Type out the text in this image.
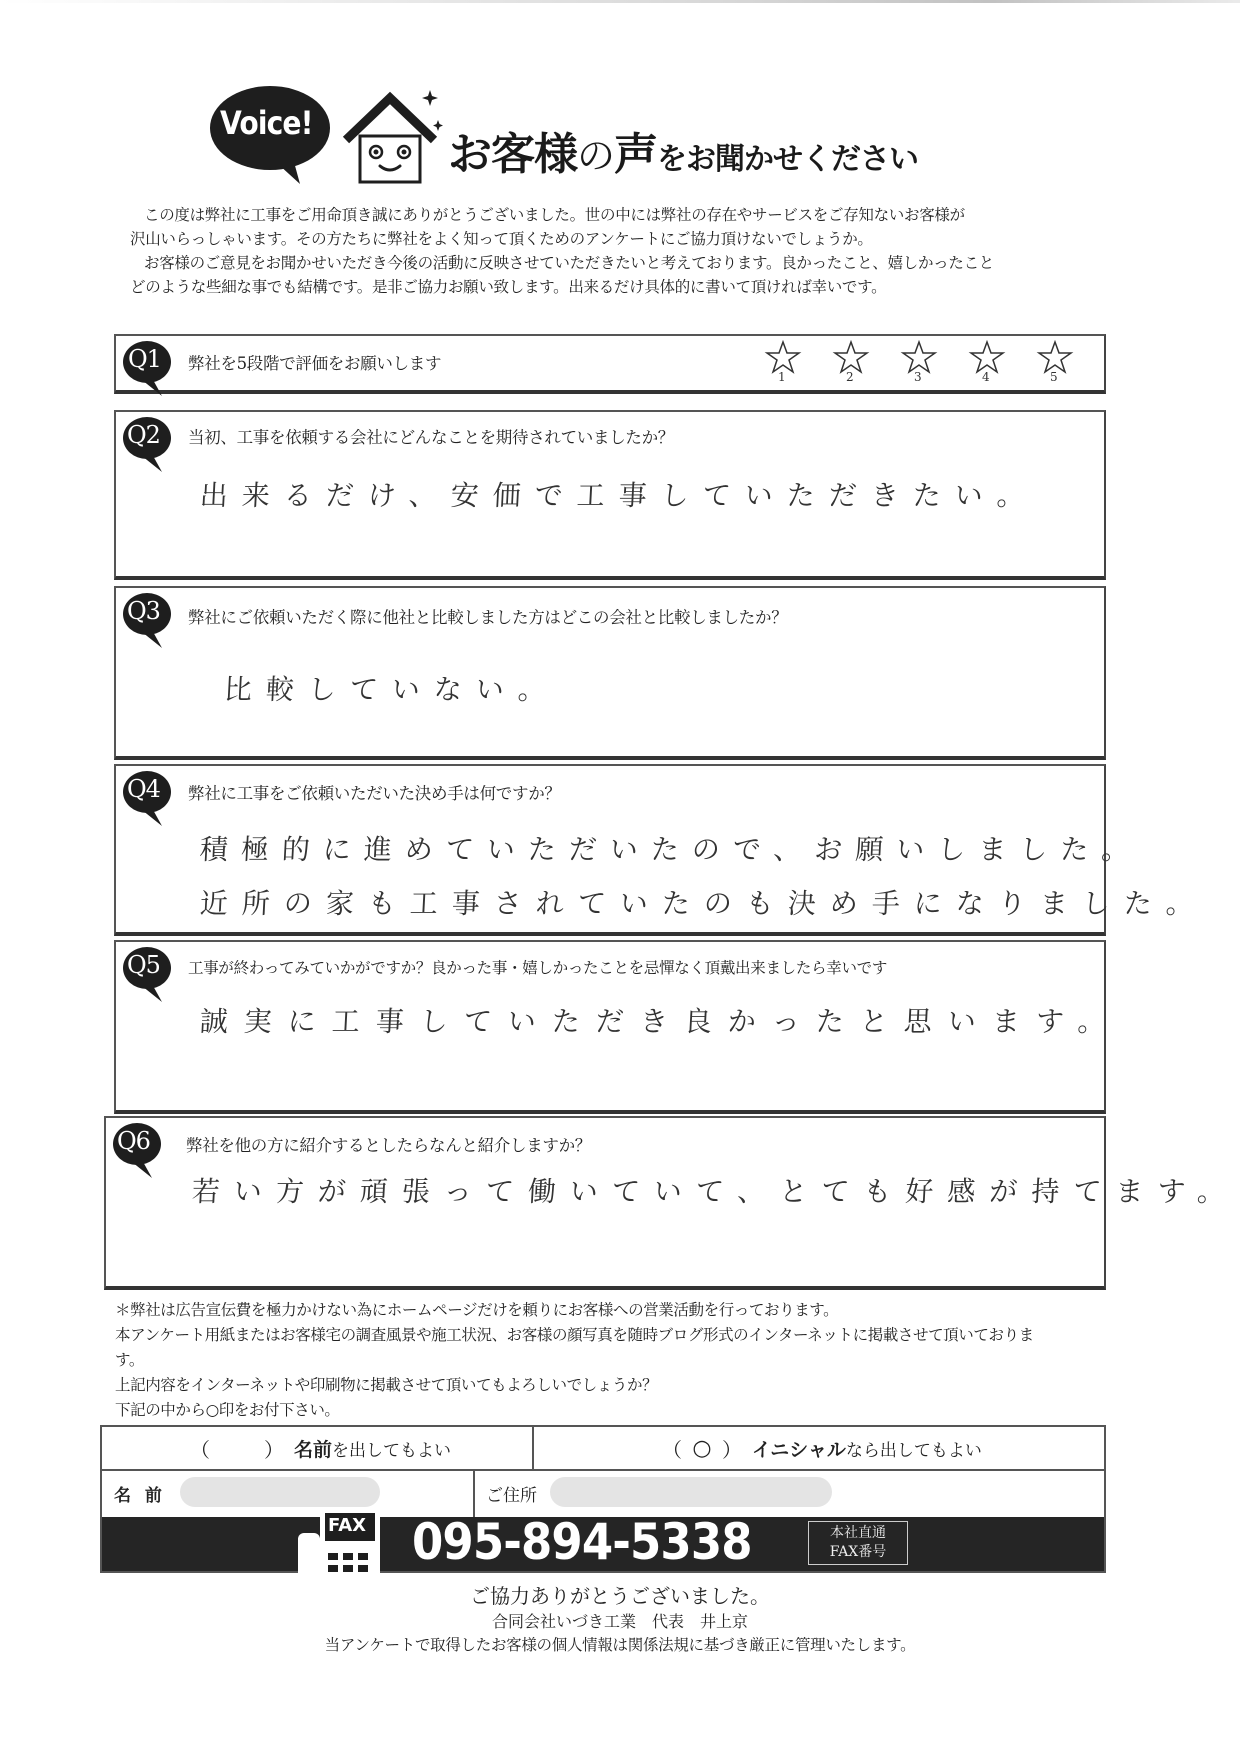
Voice!
お客様の声をお聞かせください

この度は弊社に工事をご用命頂き誠にありがとうございました。世の中には弊社の存在やサービスをご存知ないお客様が

沢山いらっしゃいます。その方たちに弊社をよく知って頂くためのアンケートにご協力頂けないでしょうか。

お客様のご意見をお聞かせいただき今後の活動に反映させていただきたいと考えております。良かったこと、嬉しかったこと

どのような些細な事でも結構です。是非ご協力お願い致します。出来るだけ具体的に書いて頂ければ幸いです。

Q1 弊社を5段階で評価をお願いします
1	2	3	4	5
Q2 当初、工事を依頼する会社にどんなことを期待されていましたか？
出来るだけ、安価で工事していただきたい。
Q3 弊社にご依頼いただく際に他社と比較しました方はどこの会社と比較しましたか？
比較していない。
Q4 弊社に工事をご依頼いただいた決め手は何ですか？
積極的に進めていただいたので、お願いしました。
近所の家も工事されていたのも決め手になりました。
Q5 工事が終わってみていかがですか？良かった事・嬉しかったことを忌憚なく頂戴出来ましたら幸いです
誠実に工事していただき良かったと思います。
Q6 弊社を他の方に紹介するとしたらなんと紹介しますか？
若い方が頑張って働いていて、とても好感が持てます。

＊弊社は広告宣伝費を極力かけない為にホームページだけを頼りにお客様への営業活動を行っております。

本アンケート用紙またはお客様宅の調査風景や施工状況、お客様の顔写真を随時ブログ形式のインターネットに掲載させて頂いておりま

す。

上記内容をインターネットや印刷物に掲載させて頂いてもよろしいでしょうか？

下記の中から○印をお付下さい。

（	） 名前 を出してもよい	（ ○ ） イニシャル なら出してもよい
名 前	ご住所
FAX 095-894-5338	本社直通
FAX番号
ご協力ありがとうございました。
合同会社いづき工業　代表　井上京
当アンケートで取得したお客様の個人情報は関係法規に基づき厳正に管理いたします。
